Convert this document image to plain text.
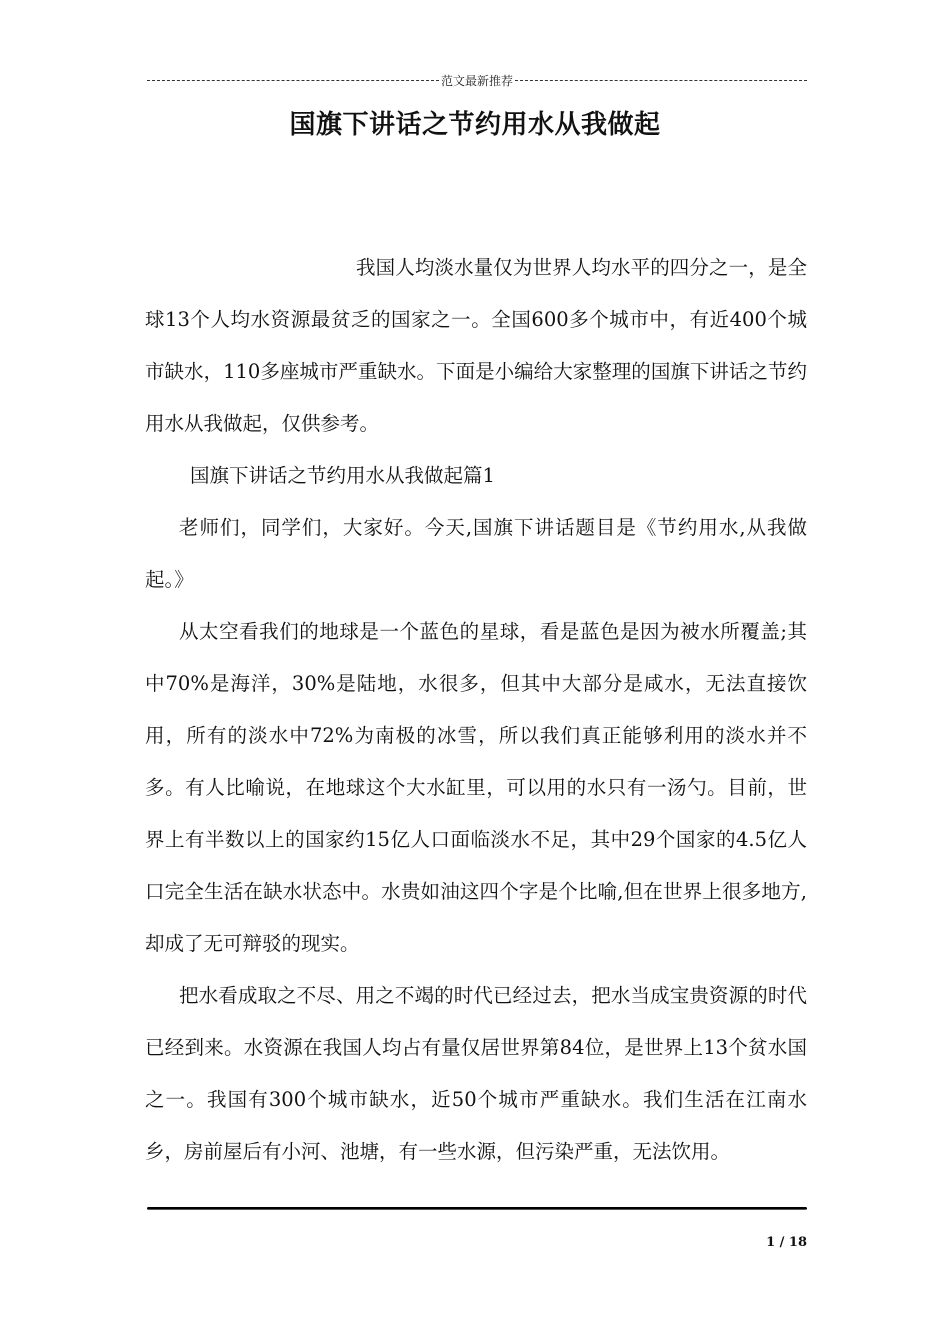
范文最新推荐
国旗下讲话之节约用水从我做起

我国人均淡水量仅为世界人均水平的四分之一，是全球13个人均水资源最贫乏的国家之一。全国600多个城市中，有近400个城市缺水，110多座城市严重缺水。下面是小编给大家整理的国旗下讲话之节约用水从我做起，仅供参考。

国旗下讲话之节约用水从我做起篇1

老师们，同学们，大家好。今天,国旗下讲话题目是《节约用水,从我做起。》

从太空看我们的地球是一个蓝色的星球，看是蓝色是因为被水所覆盖;其中70%是海洋，30%是陆地，水很多，但其中大部分是咸水，无法直接饮用，所有的淡水中72%为南极的冰雪，所以我们真正能够利用的淡水并不多。有人比喻说，在地球这个大水缸里，可以用的水只有一汤勺。目前，世界上有半数以上的国家约15亿人口面临淡水不足，其中29个国家的4.5亿人口完全生活在缺水状态中。水贵如油这四个字是个比喻,但在世界上很多地方,却成了无可辩驳的现实。

把水看成取之不尽、用之不竭的时代已经过去，把水当成宝贵资源的时代已经到来。水资源在我国人均占有量仅居世界第84位，是世界上13个贫水国之一。我国有300个城市缺水，近50个城市严重缺水。我们生活在江南水乡，房前屋后有小河、池塘，有一些水源，但污染严重，无法饮用。

1 / 18
